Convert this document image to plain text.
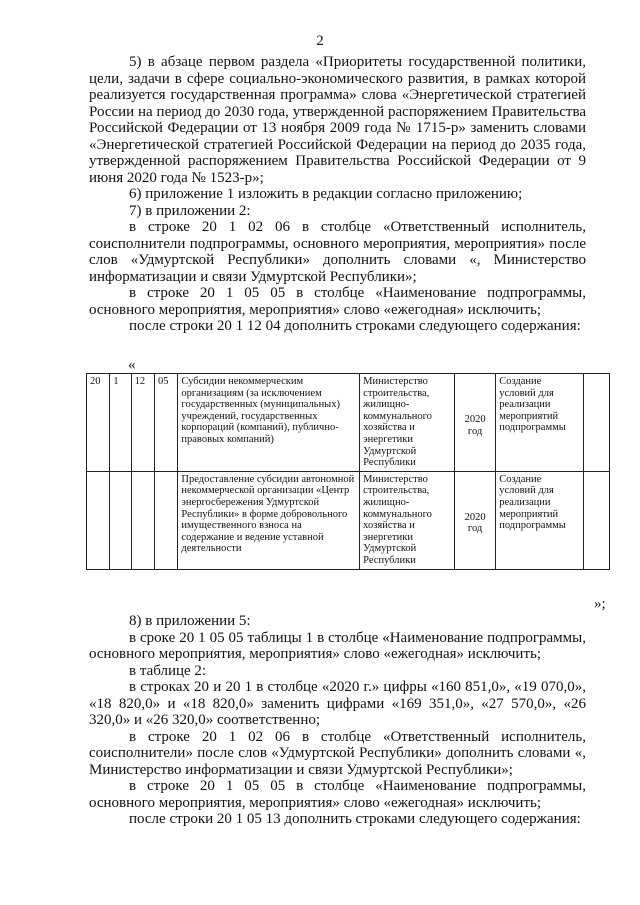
2

5) в абзаце первом раздела «Приоритеты государственной политики, цели, задачи в сфере социально-экономического развития, в рамках которой реализуется государственная программа» слова «Энергетической стратегией России на период до 2030 года, утвержденной распоряжением Правительства Российской Федерации от 13 ноября 2009 года № 1715-р» заменить словами «Энергетической стратегией Российской Федерации на период до 2035 года, утвержденной распоряжением Правительства Российской Федерации от 9 июня 2020 года № 1523-р»;

6) приложение 1 изложить в редакции согласно приложению;

7) в приложении 2:

в строке 20 1 02 06 в столбце «Ответственный исполнитель, соисполнители подпрограммы, основного мероприятия, мероприятия» после слов «Удмуртской Республики» дополнить словами «, Министерство информатизации и связи Удмуртской Республики»;

в строке 20 1 05 05 в столбце «Наименование подпрограммы, основного мероприятия, мероприятия» слово «ежегодная» исключить;

после строки 20 1 12 04 дополнить строками следующего содержания:

«
20	1	12	05	Субсидии некоммерческим организациям (за исключением государственных (муниципальных) учреждений, государственных корпораций (компаний), публично-правовых компаний)	Министерство строительства, жилищно-коммунального хозяйства и энергетики Удмуртской Республики	2020 год	Создание условий для реализации мероприятий подпрограммы	
				Предоставление субсидии автономной некоммерческой организации «Центр энергосбережения Удмуртской Республики» в форме добровольного имущественного взноса на содержание и ведение уставной деятельности	Министерство строительства, жилищно-коммунального хозяйства и энергетики Удмуртской Республики	2020 год	Создание условий для реализации мероприятий подпрограммы	
»;

8) в приложении 5:

в сроке 20 1 05 05 таблицы 1 в столбце «Наименование подпрограммы, основного мероприятия, мероприятия» слово «ежегодная» исключить;

в таблице 2:

в строках 20 и 20 1 в столбце «2020 г.» цифры «160 851,0», «19 070,0», «18 820,0» и «18 820,0» заменить цифрами «169 351,0», «27 570,0», «26 320,0» и «26 320,0» соответственно;

в строке 20 1 02 06 в столбце «Ответственный исполнитель, соисполнители» после слов «Удмуртской Республики» дополнить словами «, Министерство информатизации и связи Удмуртской Республики»;

в строке 20 1 05 05 в столбце «Наименование подпрограммы, основного мероприятия, мероприятия» слово «ежегодная» исключить;

после строки 20 1 05 13 дополнить строками следующего содержания:
